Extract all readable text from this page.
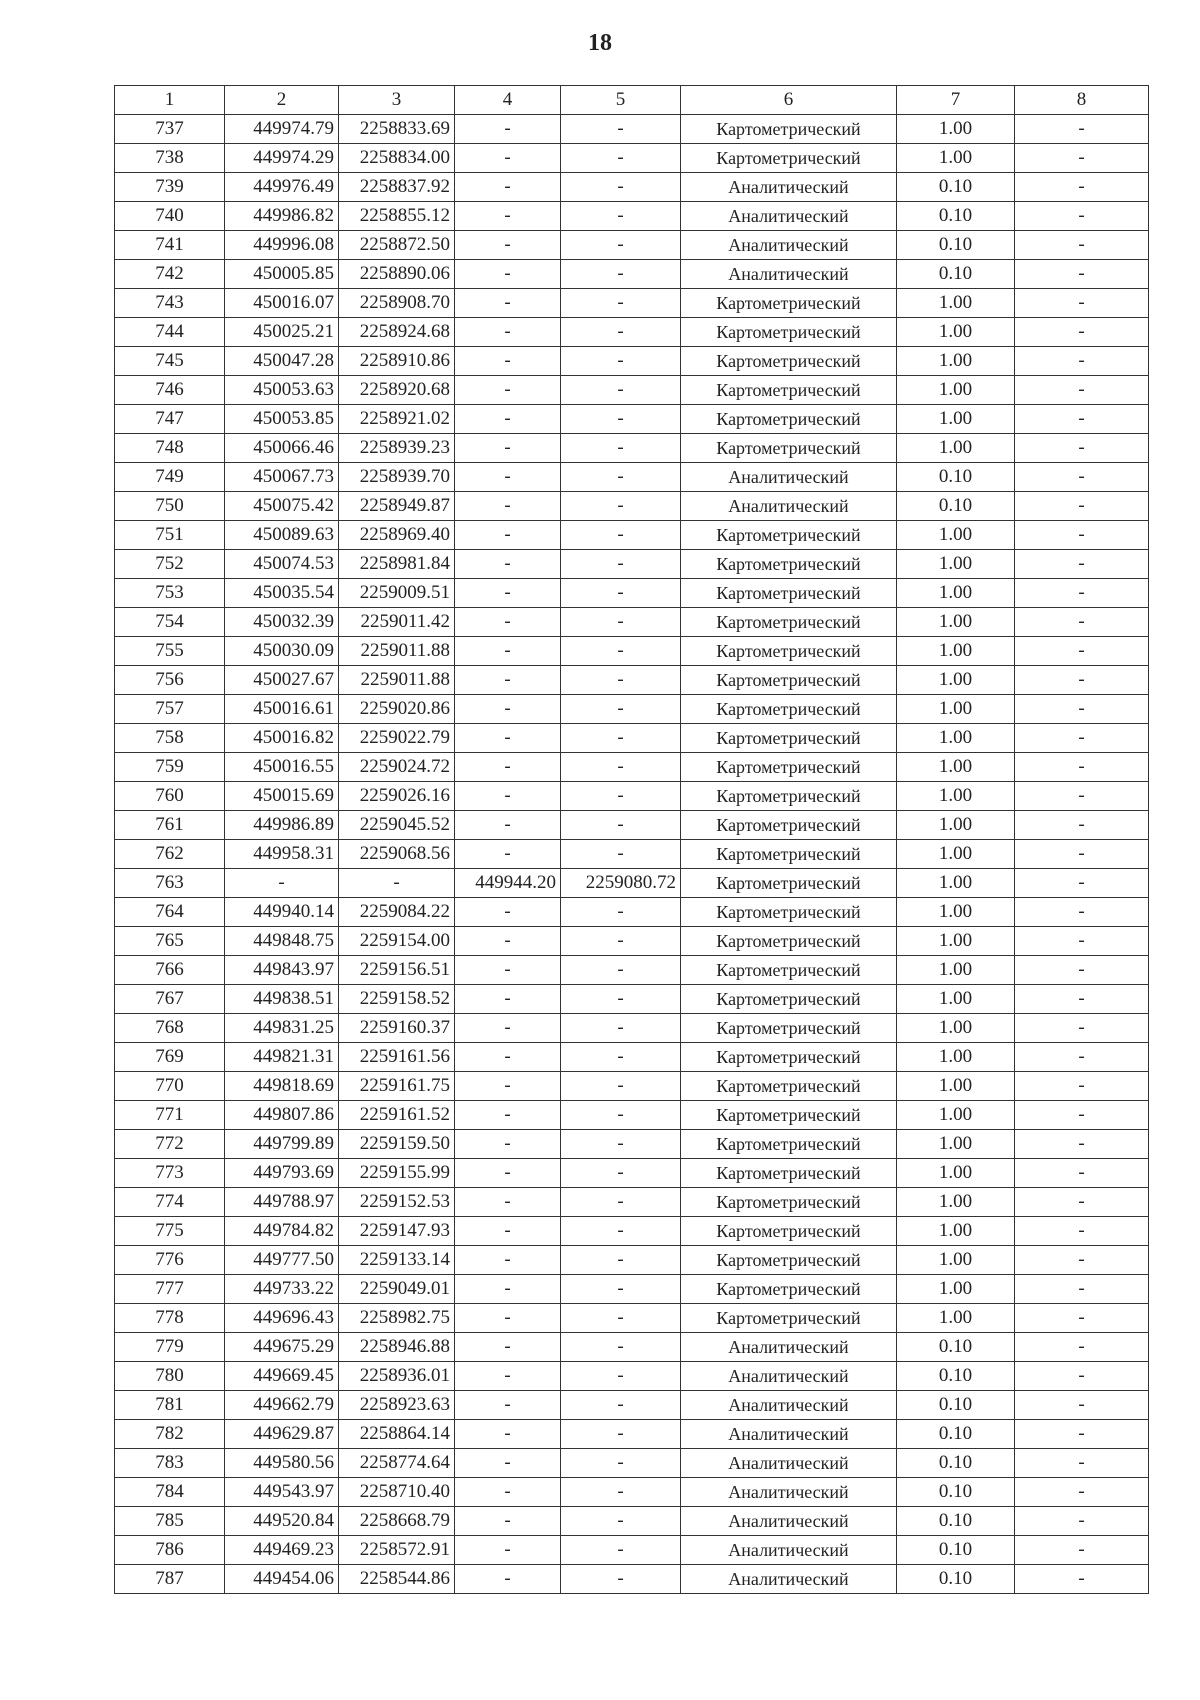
18
1	2	3	4	5	6	7	8
737	449974.79	2258833.69	-	-	Картометрический	1.00	-
738	449974.29	2258834.00	-	-	Картометрический	1.00	-
739	449976.49	2258837.92	-	-	Аналитический	0.10	-
740	449986.82	2258855.12	-	-	Аналитический	0.10	-
741	449996.08	2258872.50	-	-	Аналитический	0.10	-
742	450005.85	2258890.06	-	-	Аналитический	0.10	-
743	450016.07	2258908.70	-	-	Картометрический	1.00	-
744	450025.21	2258924.68	-	-	Картометрический	1.00	-
745	450047.28	2258910.86	-	-	Картометрический	1.00	-
746	450053.63	2258920.68	-	-	Картометрический	1.00	-
747	450053.85	2258921.02	-	-	Картометрический	1.00	-
748	450066.46	2258939.23	-	-	Картометрический	1.00	-
749	450067.73	2258939.70	-	-	Аналитический	0.10	-
750	450075.42	2258949.87	-	-	Аналитический	0.10	-
751	450089.63	2258969.40	-	-	Картометрический	1.00	-
752	450074.53	2258981.84	-	-	Картометрический	1.00	-
753	450035.54	2259009.51	-	-	Картометрический	1.00	-
754	450032.39	2259011.42	-	-	Картометрический	1.00	-
755	450030.09	2259011.88	-	-	Картометрический	1.00	-
756	450027.67	2259011.88	-	-	Картометрический	1.00	-
757	450016.61	2259020.86	-	-	Картометрический	1.00	-
758	450016.82	2259022.79	-	-	Картометрический	1.00	-
759	450016.55	2259024.72	-	-	Картометрический	1.00	-
760	450015.69	2259026.16	-	-	Картометрический	1.00	-
761	449986.89	2259045.52	-	-	Картометрический	1.00	-
762	449958.31	2259068.56	-	-	Картометрический	1.00	-
763	-	-	449944.20	2259080.72	Картометрический	1.00	-
764	449940.14	2259084.22	-	-	Картометрический	1.00	-
765	449848.75	2259154.00	-	-	Картометрический	1.00	-
766	449843.97	2259156.51	-	-	Картометрический	1.00	-
767	449838.51	2259158.52	-	-	Картометрический	1.00	-
768	449831.25	2259160.37	-	-	Картометрический	1.00	-
769	449821.31	2259161.56	-	-	Картометрический	1.00	-
770	449818.69	2259161.75	-	-	Картометрический	1.00	-
771	449807.86	2259161.52	-	-	Картометрический	1.00	-
772	449799.89	2259159.50	-	-	Картометрический	1.00	-
773	449793.69	2259155.99	-	-	Картометрический	1.00	-
774	449788.97	2259152.53	-	-	Картометрический	1.00	-
775	449784.82	2259147.93	-	-	Картометрический	1.00	-
776	449777.50	2259133.14	-	-	Картометрический	1.00	-
777	449733.22	2259049.01	-	-	Картометрический	1.00	-
778	449696.43	2258982.75	-	-	Картометрический	1.00	-
779	449675.29	2258946.88	-	-	Аналитический	0.10	-
780	449669.45	2258936.01	-	-	Аналитический	0.10	-
781	449662.79	2258923.63	-	-	Аналитический	0.10	-
782	449629.87	2258864.14	-	-	Аналитический	0.10	-
783	449580.56	2258774.64	-	-	Аналитический	0.10	-
784	449543.97	2258710.40	-	-	Аналитический	0.10	-
785	449520.84	2258668.79	-	-	Аналитический	0.10	-
786	449469.23	2258572.91	-	-	Аналитический	0.10	-
787	449454.06	2258544.86	-	-	Аналитический	0.10	-
